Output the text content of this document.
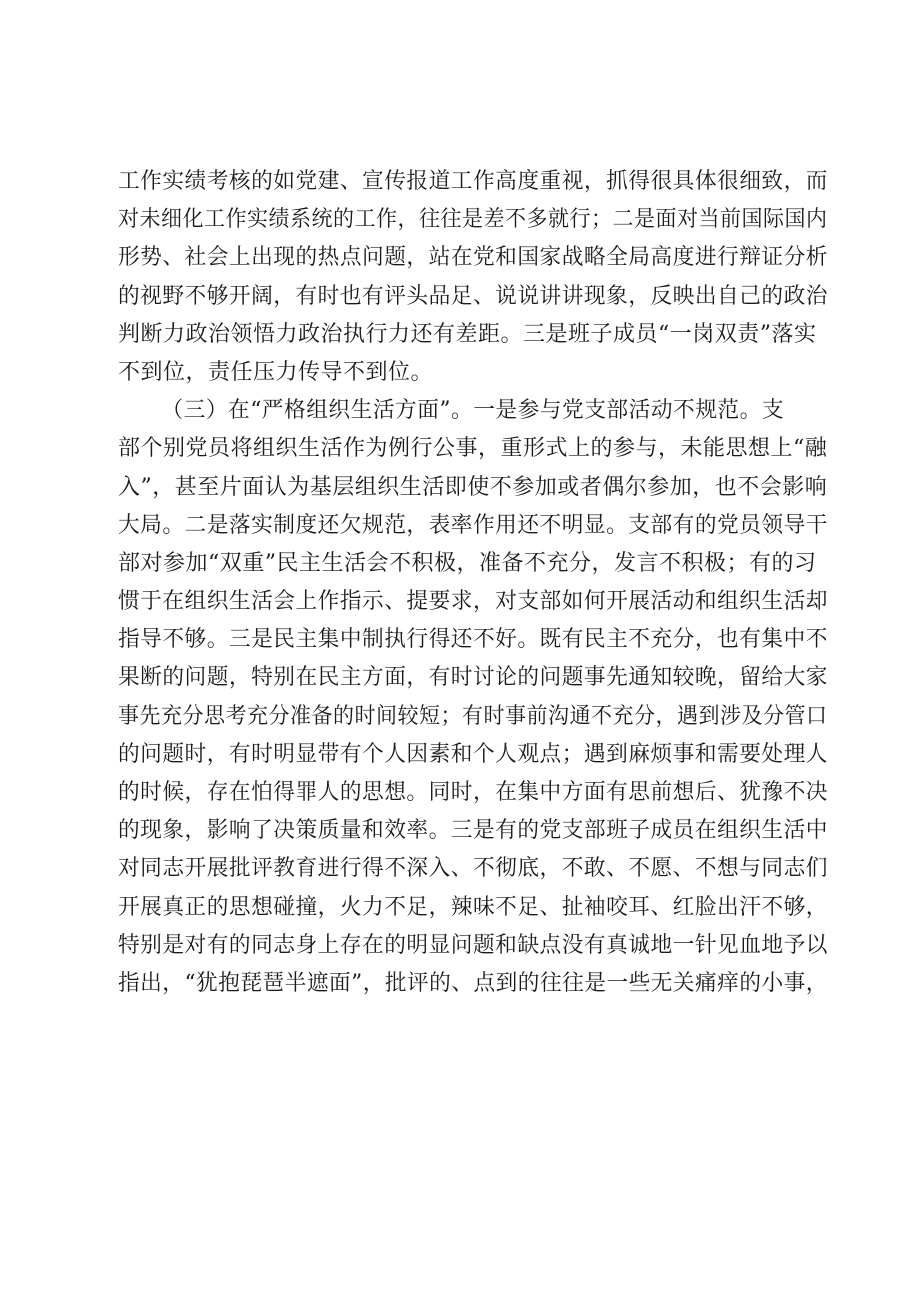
工作实绩考核的如党建、宣传报道工作高度重视，抓得很具体很细致，而
对未细化工作实绩系统的工作，往往是差不多就行；二是面对当前国际国内
形势、社会上出现的热点问题，站在党和国家战略全局高度进行辩证分析
的视野不够开阔，有时也有评头品足、说说讲讲现象，反映出自己的政治
判断力政治领悟力政治执行力还有差距。三是班子成员“一岗双责”落实
不到位，责任压力传导不到位。
（三）在“严格组织生活方面”。一是参与党支部活动不规范。支
部个别党员将组织生活作为例行公事，重形式上的参与，未能思想上“融
入”，甚至片面认为基层组织生活即使不参加或者偶尔参加，也不会影响
大局。二是落实制度还欠规范，表率作用还不明显。支部有的党员领导干
部对参加“双重”民主生活会不积极，准备不充分，发言不积极；有的习
惯于在组织生活会上作指示、提要求，对支部如何开展活动和组织生活却
指导不够。三是民主集中制执行得还不好。既有民主不充分，也有集中不
果断的问题，特别在民主方面，有时讨论的问题事先通知较晚，留给大家
事先充分思考充分准备的时间较短；有时事前沟通不充分，遇到涉及分管口
的问题时，有时明显带有个人因素和个人观点；遇到麻烦事和需要处理人
的时候，存在怕得罪人的思想。同时，在集中方面有思前想后、犹豫不决
的现象，影响了决策质量和效率。三是有的党支部班子成员在组织生活中
对同志开展批评教育进行得不深入、不彻底，不敢、不愿、不想与同志们
开展真正的思想碰撞，火力不足，辣味不足、扯袖咬耳、红脸出汗不够，
特别是对有的同志身上存在的明显问题和缺点没有真诚地一针见血地予以
指出，“犹抱琵琶半遮面”，批评的、点到的往往是一些无关痛痒的小事，
